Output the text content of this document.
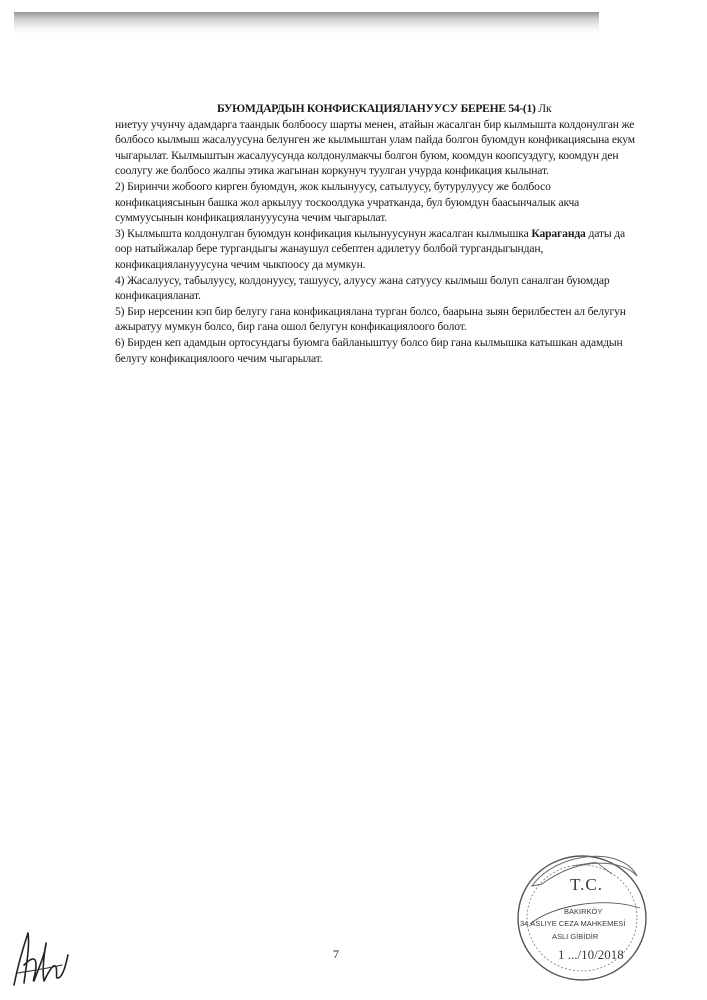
БУЮМДАРДЫН КОНФИСКАЦИЯЛАНУУСУ БЕРЕНЕ 54-(1) Лк

ниетуу учунчу адамдарга таандык болбоосу шарты менен, атайын жасалган бир кылмышта колдонулган же болбосо кылмыш жасалуусуна белунген же кылмыштан улам пайда болгон буюмдун конфикациясына екум чыгарылат. Кылмыштын жасалуусунда колдонулмакчы болгон буюм, коомдун коопсуздугу, коомдун ден соолугу же болбосо жалпы этика жагынан коркунуч туулган учурда конфикация кылынат.

2) Биринчи жобоого кирген буюмдун, жок кылынуусу, сатылуусу, бутурулуусу же болбосо конфикациясынын башка жол аркылуу тоскоолдука учратканда, бул буюмдун баасынчалык акча суммуусынын конфикацияланууусуна чечим чыгарылат.

3) Кылмышта колдонулган буюмдун конфикация кылынуусунун жасалган кылмышка Караганда даты да оор натыйжалар бере тургандыгы жанаушул себептен адилетуу болбой тургандыгындан, конфикацияланууусуна чечим чыкпоосу да мумкун.

4) Жасалуусу, табылуусу, колдонуусу, ташуусу, алуусу жана сатуусу кылмыш болуп саналган буюмдар конфикацияланат.

5) Бир нерсенин кэп бир белугу гана конфикацияланa турган болсо, баарына зыян берилбестен ал белугун ажыратуу мумкун болсо, бир гана ошол белугун конфикациялоого болот.

6) Бирден кеп адамдын ортосундагы буюмга байланыштуу болсо бир гана кылмышка катышкан адамдын белугу конфикациялоого чечим чыгарылат.

7
T.C.
BAKIRKÖY
34.ASLIYE CEZA MAHKEMESİ
ASLI GİBİDİR
1 .../10/2018
